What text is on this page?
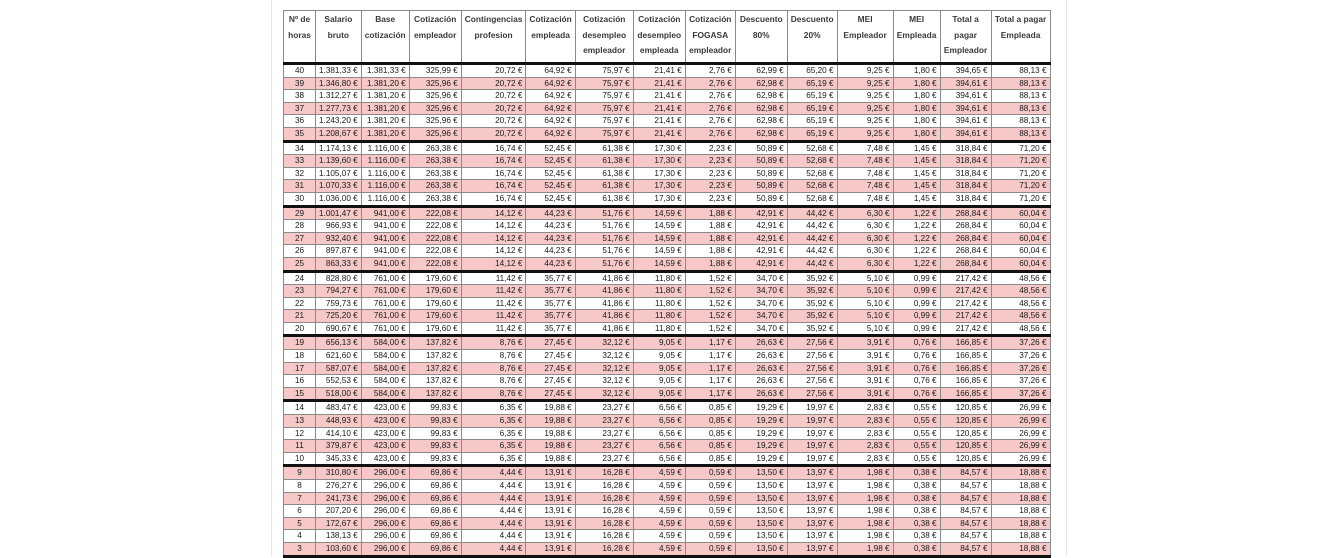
Nº de horas	Salario bruto	Base cotización	Cotización empleador	Contingencias profesion	Cotización empleada	Cotización desempleo empleador	Cotización desempleo empleada	Cotización FOGASA empleador	Descuento 80%	Descuento 20%	MEI Empleador	MEI Empleada	Total a pagar Empleador	Total a pagar Empleada
40	1.381,33 €	1.381,33 €	325,99 €	20,72 €	64,92 €	75,97 €	21,41 €	2,76 €	62,99 €	65,20 €	9,25 €	1,80 €	394,65 €	88,13 €
39	1.346,80 €	1.381,20 €	325,96 €	20,72 €	64,92 €	75,97 €	21,41 €	2,76 €	62,98 €	65,19 €	9,25 €	1,80 €	394,61 €	88,13 €
38	1.312,27 €	1.381,20 €	325,96 €	20,72 €	64,92 €	75,97 €	21,41 €	2,76 €	62,98 €	65,19 €	9,25 €	1,80 €	394,61 €	88,13 €
37	1.277,73 €	1.381,20 €	325,96 €	20,72 €	64,92 €	75,97 €	21,41 €	2,76 €	62,98 €	65,19 €	9,25 €	1,80 €	394,61 €	88,13 €
36	1.243,20 €	1.381,20 €	325,96 €	20,72 €	64,92 €	75,97 €	21,41 €	2,76 €	62,98 €	65,19 €	9,25 €	1,80 €	394,61 €	88,13 €
35	1.208,67 €	1.381,20 €	325,96 €	20,72 €	64,92 €	75,97 €	21,41 €	2,76 €	62,98 €	65,19 €	9,25 €	1,80 €	394,61 €	88,13 €
34	1.174,13 €	1.116,00 €	263,38 €	16,74 €	52,45 €	61,38 €	17,30 €	2,23 €	50,89 €	52,68 €	7,48 €	1,45 €	318,84 €	71,20 €
33	1.139,60 €	1.116,00 €	263,38 €	16,74 €	52,45 €	61,38 €	17,30 €	2,23 €	50,89 €	52,68 €	7,48 €	1,45 €	318,84 €	71,20 €
32	1.105,07 €	1.116,00 €	263,38 €	16,74 €	52,45 €	61,38 €	17,30 €	2,23 €	50,89 €	52,68 €	7,48 €	1,45 €	318,84 €	71,20 €
31	1.070,33 €	1.116,00 €	263,38 €	16,74 €	52,45 €	61,38 €	17,30 €	2,23 €	50,89 €	52,68 €	7,48 €	1,45 €	318,84 €	71,20 €
30	1.036,00 €	1.116,00 €	263,38 €	16,74 €	52,45 €	61,38 €	17,30 €	2,23 €	50,89 €	52,68 €	7,48 €	1,45 €	318,84 €	71,20 €
29	1.001,47 €	941,00 €	222,08 €	14,12 €	44,23 €	51,76 €	14,59 €	1,88 €	42,91 €	44,42 €	6,30 €	1,22 €	268,84 €	60,04 €
28	966,93 €	941,00 €	222,08 €	14,12 €	44,23 €	51,76 €	14,59 €	1,88 €	42,91 €	44,42 €	6,30 €	1,22 €	268,84 €	60,04 €
27	932,40 €	941,00 €	222,08 €	14,12 €	44,23 €	51,76 €	14,59 €	1,88 €	42,91 €	44,42 €	6,30 €	1,22 €	268,84 €	60,04 €
26	897,87 €	941,00 €	222,08 €	14,12 €	44,23 €	51,76 €	14,59 €	1,88 €	42,91 €	44,42 €	6,30 €	1,22 €	268,84 €	60,04 €
25	863,33 €	941,00 €	222,08 €	14,12 €	44,23 €	51,76 €	14,59 €	1,88 €	42,91 €	44,42 €	6,30 €	1,22 €	268,84 €	60,04 €
24	828,80 €	761,00 €	179,60 €	11,42 €	35,77 €	41,86 €	11,80 €	1,52 €	34,70 €	35,92 €	5,10 €	0,99 €	217,42 €	48,56 €
23	794,27 €	761,00 €	179,60 €	11,42 €	35,77 €	41,86 €	11,80 €	1,52 €	34,70 €	35,92 €	5,10 €	0,99 €	217,42 €	48,56 €
22	759,73 €	761,00 €	179,60 €	11,42 €	35,77 €	41,86 €	11,80 €	1,52 €	34,70 €	35,92 €	5,10 €	0,99 €	217,42 €	48,56 €
21	725,20 €	761,00 €	179,60 €	11,42 €	35,77 €	41,86 €	11,80 €	1,52 €	34,70 €	35,92 €	5,10 €	0,99 €	217,42 €	48,56 €
20	690,67 €	761,00 €	179,60 €	11,42 €	35,77 €	41,86 €	11,80 €	1,52 €	34,70 €	35,92 €	5,10 €	0,99 €	217,42 €	48,56 €
19	656,13 €	584,00 €	137,82 €	8,76 €	27,45 €	32,12 €	9,05 €	1,17 €	26,63 €	27,56 €	3,91 €	0,76 €	166,85 €	37,26 €
18	621,60 €	584,00 €	137,82 €	8,76 €	27,45 €	32,12 €	9,05 €	1,17 €	26,63 €	27,56 €	3,91 €	0,76 €	166,85 €	37,26 €
17	587,07 €	584,00 €	137,82 €	8,76 €	27,45 €	32,12 €	9,05 €	1,17 €	26,63 €	27,56 €	3,91 €	0,76 €	166,85 €	37,26 €
16	552,53 €	584,00 €	137,82 €	8,76 €	27,45 €	32,12 €	9,05 €	1,17 €	26,63 €	27,56 €	3,91 €	0,76 €	166,85 €	37,26 €
15	518,00 €	584,00 €	137,82 €	8,76 €	27,45 €	32,12 €	9,05 €	1,17 €	26,63 €	27,56 €	3,91 €	0,76 €	166,85 €	37,26 €
14	483,47 €	423,00 €	99,83 €	6,35 €	19,88 €	23,27 €	6,56 €	0,85 €	19,29 €	19,97 €	2,83 €	0,55 €	120,85 €	26,99 €
13	448,93 €	423,00 €	99,83 €	6,35 €	19,88 €	23,27 €	6,56 €	0,85 €	19,29 €	19,97 €	2,83 €	0,55 €	120,85 €	26,99 €
12	414,10 €	423,00 €	99,83 €	6,35 €	19,88 €	23,27 €	6,56 €	0,85 €	19,29 €	19,97 €	2,83 €	0,55 €	120,85 €	26,99 €
11	379,87 €	423,00 €	99,83 €	6,35 €	19,88 €	23,27 €	6,56 €	0,85 €	19,29 €	19,97 €	2,83 €	0,55 €	120,85 €	26,99 €
10	345,33 €	423,00 €	99,83 €	6,35 €	19,88 €	23,27 €	6,56 €	0,85 €	19,29 €	19,97 €	2,83 €	0,55 €	120,85 €	26,99 €
9	310,80 €	296,00 €	69,86 €	4,44 €	13,91 €	16,28 €	4,59 €	0,59 €	13,50 €	13,97 €	1,98 €	0,38 €	84,57 €	18,88 €
8	276,27 €	296,00 €	69,86 €	4,44 €	13,91 €	16,28 €	4,59 €	0,59 €	13,50 €	13,97 €	1,98 €	0,38 €	84,57 €	18,88 €
7	241,73 €	296,00 €	69,86 €	4,44 €	13,91 €	16,28 €	4,59 €	0,59 €	13,50 €	13,97 €	1,98 €	0,38 €	84,57 €	18,88 €
6	207,20 €	296,00 €	69,86 €	4,44 €	13,91 €	16,28 €	4,59 €	0,59 €	13,50 €	13,97 €	1,98 €	0,38 €	84,57 €	18,88 €
5	172,67 €	296,00 €	69,86 €	4,44 €	13,91 €	16,28 €	4,59 €	0,59 €	13,50 €	13,97 €	1,98 €	0,38 €	84,57 €	18,88 €
4	138,13 €	296,00 €	69,86 €	4,44 €	13,91 €	16,28 €	4,59 €	0,59 €	13,50 €	13,97 €	1,98 €	0,38 €	84,57 €	18,88 €
3	103,60 €	296,00 €	69,86 €	4,44 €	13,91 €	16,28 €	4,59 €	0,59 €	13,50 €	13,97 €	1,98 €	0,38 €	84,57 €	18,88 €
